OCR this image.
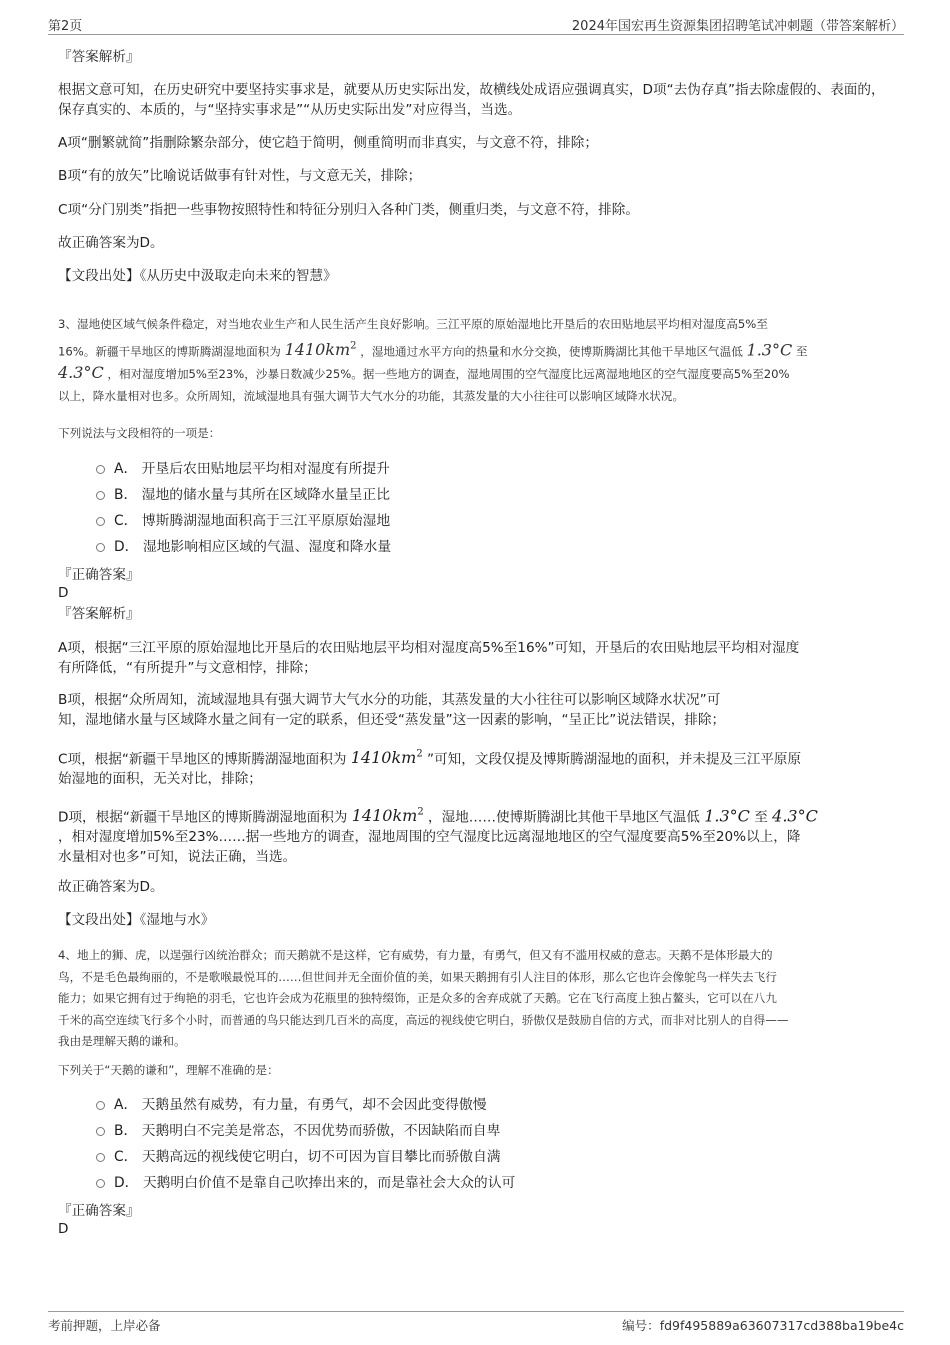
第2页	2024年国宏再生资源集团招聘笔试冲刺题（带答案解析）

『答案解析』

根据文意可知，在历史研究中要坚持实事求是，就要从历史实际出发，故横线处成语应强调真实，D项“去伪存真”指去除虚假的、表面的，保存真实的、本质的，与“坚持实事求是”“从历史实际出发”对应得当，当选。

A项“删繁就简”指删除繁杂部分，使它趋于简明，侧重简明而非真实，与文意不符，排除；

B项“有的放矢”比喻说话做事有针对性，与文意无关，排除；

C项“分门别类”指把一些事物按照特性和特征分别归入各种门类，侧重归类，与文意不符，排除。

故正确答案为D。

【文段出处】《从历史中汲取走向未来的智慧》

3、湿地使区域气候条件稳定，对当地农业生产和人民生活产生良好影响。三江平原的原始湿地比开垦后的农田贴地层平均相对湿度高5%至
16%。新疆干旱地区的博斯腾湖湿地面积为 $1410km^2$ ，湿地通过水平方向的热量和水分交换，使博斯腾湖比其他干旱地区气温低 1.3°C 至
4.3°C ，相对湿度增加5%至23%，沙暴日数减少25%。据一些地方的调查，湿地周围的空气湿度比远离湿地地区的空气湿度要高5%至20%
以上，降水量相对也多。众所周知，流域湿地具有强大调节大气水分的功能，其蒸发量的大小往往可以影响区域降水状况。

下列说法与文段相符的一项是：

A． 开垦后农田贴地层平均相对湿度有所提升
B． 湿地的储水量与其所在区域降水量呈正比
C． 博斯腾湖湿地面积高于三江平原原始湿地
D． 湿地影响相应区域的气温、湿度和降水量

『正确答案』

D

『答案解析』

A项，根据“三江平原的原始湿地比开垦后的农田贴地层平均相对湿度高5%至16%”可知，开垦后的农田贴地层平均相对湿度
有所降低，“有所提升”与文意相悖，排除；
B项，根据“众所周知，流域湿地具有强大调节大气水分的功能，其蒸发量的大小往往可以影响区域降水状况”可
知，湿地储水量与区域降水量之间有一定的联系，但还受“蒸发量”这一因素的影响，“呈正比”说法错误，排除；
C项，根据“新疆干旱地区的博斯腾湖湿地面积为 $1410km^2$ ”可知，文段仅提及博斯腾湖湿地的面积，并未提及三江平原原
始湿地的面积，无关对比，排除；
D项，根据“新疆干旱地区的博斯腾湖湿地面积为 $1410km^2$ ，湿地……使博斯腾湖比其他干旱地区气温低 1.3°C 至 4.3°C
，相对湿度增加5%至23%……据一些地方的调查，湿地周围的空气湿度比远离湿地地区的空气湿度要高5%至20%以上，降
水量相对也多”可知，说法正确，当选。

故正确答案为D。

【文段出处】《湿地与水》

4、地上的狮、虎，以逞强行凶统治群众；而天鹅就不是这样，它有威势，有力量，有勇气，但又有不滥用权威的意志。天鹅不是体形最大的
鸟，不是毛色最绚丽的，不是歌喉最悦耳的……但世间并无全面价值的美，如果天鹅拥有引人注目的体形，那么它也许会像鸵鸟一样失去飞行
能力；如果它拥有过于绚艳的羽毛，它也许会成为花瓶里的独特缀饰，正是众多的舍弃成就了天鹅。它在飞行高度上独占鳌头，它可以在八九
千米的高空连续飞行多个小时，而普通的鸟只能达到几百米的高度，高远的视线使它明白，骄傲仅是鼓励自信的方式，而非对比别人的自得——
我由是理解天鹅的谦和。

下列关于“天鹅的谦和”，理解不准确的是：

A． 天鹅虽然有威势，有力量，有勇气，却不会因此变得傲慢
B． 天鹅明白不完美是常态，不因优势而骄傲，不因缺陷而自卑
C． 天鹅高远的视线使它明白，切不可因为盲目攀比而骄傲自满
D． 天鹅明白价值不是靠自己吹捧出来的，而是靠社会大众的认可

『正确答案』

D

考前押题，上岸必备	编号：fd9f495889a63607317cd388ba19be4c
